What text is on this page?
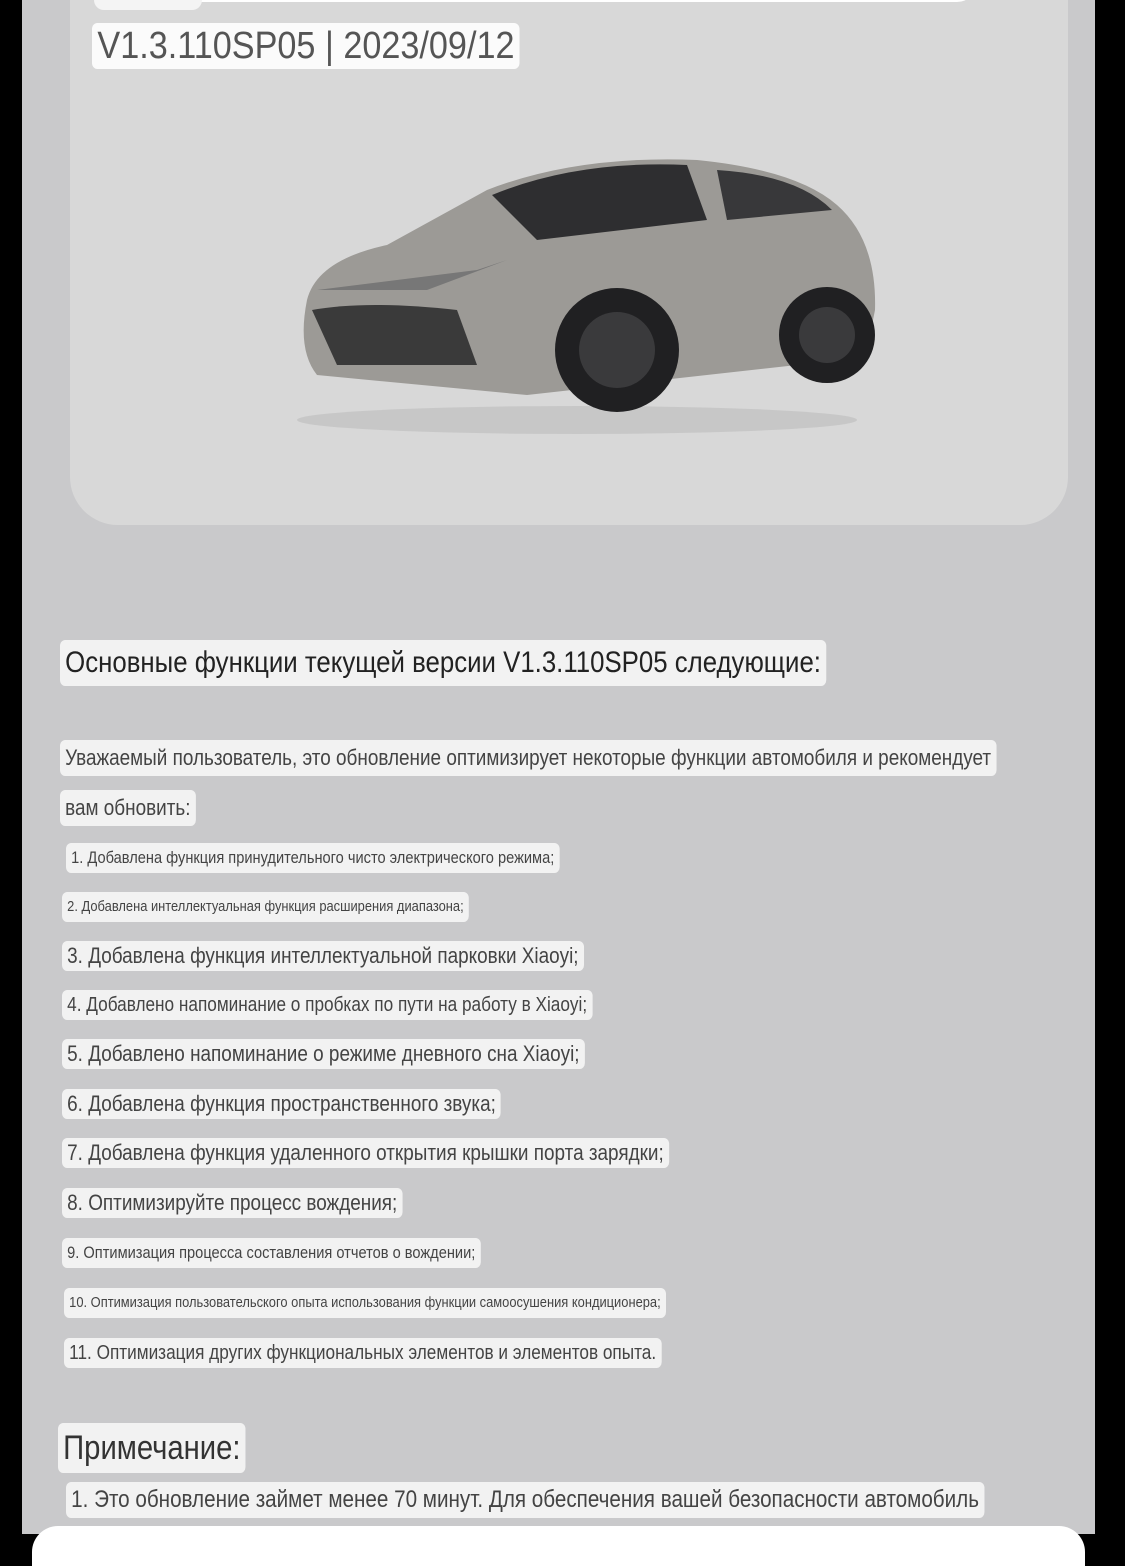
V1.3.110SP05 | 2023/09/12
Основные функции текущей версии V1.3.110SP05 следующие:
Уважаемый пользователь, это обновление оптимизирует некоторые функции автомобиля и рекомендует
вам обновить:
1. Добавлена функция принудительного чисто электрического режима;
2. Добавлена интеллектуальная функция расширения диапазона;
3. Добавлена функция интеллектуальной парковки Xiaoyi;
4. Добавлено напоминание о пробках по пути на работу в Xiaoyi;
5. Добавлено напоминание о режиме дневного сна Xiaoyi;
6. Добавлена функция пространственного звука;
7. Добавлена функция удаленного открытия крышки порта зарядки;
8. Оптимизируйте процесс вождения;
9. Оптимизация процесса составления отчетов о вождении;
10. Оптимизация пользовательского опыта использования функции самоосушения кондиционера;
11. Оптимизация других функциональных элементов и элементов опыта.
Примечание:
1. Это обновление займет менее 70 минут. Для обеспечения вашей безопасности автомобиль
